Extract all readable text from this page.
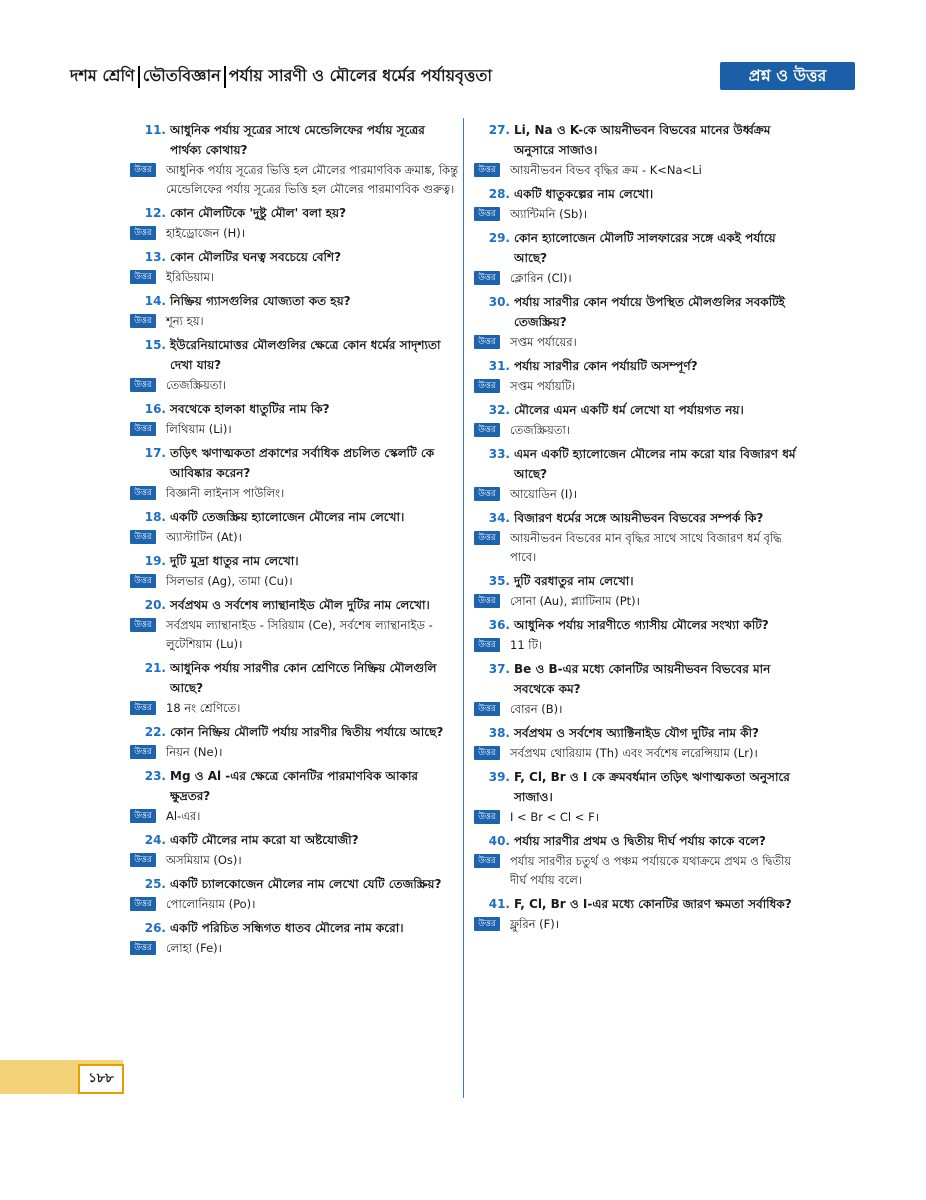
দশম শ্রেণি ভৌতবিজ্ঞান পর্যায় সারণী ও মৌলের ধর্মের পর্যায়বৃত্ততা	প্রশ্ন ও উত্তর
11. আধুনিক পর্যায় সূত্রের সাথে মেন্ডেলিফের পর্যায় সূত্রের পার্থক্য কোথায়?
উত্তর	আধুনিক পর্যায় সূত্রের ভিত্তি হল মৌলের পারমাণবিক ক্রমাঙ্ক, কিন্তু মেন্ডেলিফের পর্যায় সূত্রের ভিত্তি হল মৌলের পারমাণবিক গুরুত্ব।
12. কোন মৌলটিকে 'দুষ্টু মৌল' বলা হয়?
উত্তর	হাইড্রোজেন (H)।
13. কোন মৌলটির ঘনত্ব সবচেয়ে বেশি?
উত্তর	ইরিডিয়াম।
14. নিষ্ক্রিয় গ্যাসগুলির যোজ্যতা কত হয়?
উত্তর	শূন্য হয়।
15. ইউরেনিয়ামোত্তর মৌলগুলির ক্ষেত্রে কোন ধর্মের সাদৃশ্যতা দেখা যায়?
উত্তর	তেজস্ক্রিয়তা।
16. সবথেকে হালকা ধাতুটির নাম কি?
উত্তর	লিথিয়াম (Li)।
17. তড়িৎ ঋণাত্মকতা প্রকাশের সর্বাধিক প্রচলিত স্কেলটি কে আবিষ্কার করেন?
উত্তর	বিজ্ঞানী লাইনাস পাউলিং।
18. একটি তেজস্ক্রিয় হ্যালোজেন মৌলের নাম লেখো।
উত্তর	অ্যাস্টাটিন (At)।
19. দুটি মুদ্রা ধাতুর নাম লেখো।
উত্তর	সিলভার (Ag), তামা (Cu)।
20. সর্বপ্রথম ও সর্বশেষ ল্যান্থানাইড মৌল দুটির নাম লেখো।
উত্তর	সর্বপ্রথম ল্যান্থানাইড - সিরিয়াম (Ce), সর্বশেষ ল্যান্থানাইড - লুটেশিয়াম (Lu)।
21. আধুনিক পর্যায় সারণীর কোন শ্রেণিতে নিষ্ক্রিয় মৌলগুলি আছে?
উত্তর	18 নং শ্রেণিতে।
22. কোন নিষ্ক্রিয় মৌলটি পর্যায় সারণীর দ্বিতীয় পর্যায়ে আছে?
উত্তর	নিয়ন (Ne)।
23. Mg ও Al -এর ক্ষেত্রে কোনটির পারমাণবিক আকার ক্ষুদ্রতর?
উত্তর	Al-এর।
24. একটি মৌলের নাম করো যা অষ্টযোজী?
উত্তর	অসমিয়াম (Os)।
25. একটি চ্যালকোজেন মৌলের নাম লেখো যেটি তেজস্ক্রিয়?
উত্তর	পোলোনিয়াম (Po)।
26. একটি পরিচিত সন্ধিগত ধাতব মৌলের নাম করো।
উত্তর	লোহা (Fe)।
27. Li, Na ও K-কে আয়নীভবন বিভবের মানের উর্ধ্বক্রম অনুসারে সাজাও।
উত্তর	আয়নীভবন বিভব বৃদ্ধির ক্রম - K<Na<Li
28. একটি ধাতুকল্পের নাম লেখো।
উত্তর	অ্যান্টিমনি (Sb)।
29. কোন হ্যালোজেন মৌলটি সালফারের সঙ্গে একই পর্যায়ে আছে?
উত্তর	ক্লোরিন (Cl)।
30. পর্যায় সারণীর কোন পর্যায়ে উপস্থিত মৌলগুলির সবকটিই তেজস্ক্রিয়?
উত্তর	সপ্তম পর্যায়ের।
31. পর্যায় সারণীর কোন পর্যায়টি অসম্পূর্ণ?
উত্তর	সপ্তম পর্যায়টি।
32. মৌলের এমন একটি ধর্ম লেখো যা পর্যায়গত নয়।
উত্তর	তেজস্ক্রিয়তা।
33. এমন একটি হ্যালোজেন মৌলের নাম করো যার বিজারণ ধর্ম আছে?
উত্তর	আয়োডিন (I)।
34. বিজারণ ধর্মের সঙ্গে আয়নীভবন বিভবের সম্পর্ক কি?
উত্তর	আয়নীভবন বিভবের মান বৃদ্ধির সাথে সাথে বিজারণ ধর্ম বৃদ্ধি পাবে।
35. দুটি বরধাতুর নাম লেখো।
উত্তর	সোনা (Au), প্ল্যাটিনাম (Pt)।
36. আধুনিক পর্যায় সারণীতে গ্যাসীয় মৌলের সংখ্যা কটি?
উত্তর	11 টি।
37. Be ও B-এর মধ্যে কোনটির আয়নীভবন বিভবের মান সবথেকে কম?
উত্তর	বোরন (B)।
38. সর্বপ্রথম ও সর্বশেষ অ্যাক্টিনাইড যৌগ দুটির নাম কী?
উত্তর	সর্বপ্রথম থোরিয়াম (Th) এবং সর্বশেষ লরেন্সিয়াম (Lr)।
39. F, Cl, Br ও I কে ক্রমবর্ধমান তড়িৎ ঋণাত্মকতা অনুসারে সাজাও।
উত্তর	I < Br < Cl < F।
40. পর্যায় সারণীর প্রথম ও দ্বিতীয় দীর্ঘ পর্যায় কাকে বলে?
উত্তর	পর্যায় সারণীর চতুর্থ ও পঞ্চম পর্যায়কে যথাক্রমে প্রথম ও দ্বিতীয় দীর্ঘ পর্যায় বলে।
41. F, Cl, Br ও I-এর মধ্যে কোনটির জারণ ক্ষমতা সর্বাধিক?
উত্তর	ফ্লুরিন (F)।
১৮৮
